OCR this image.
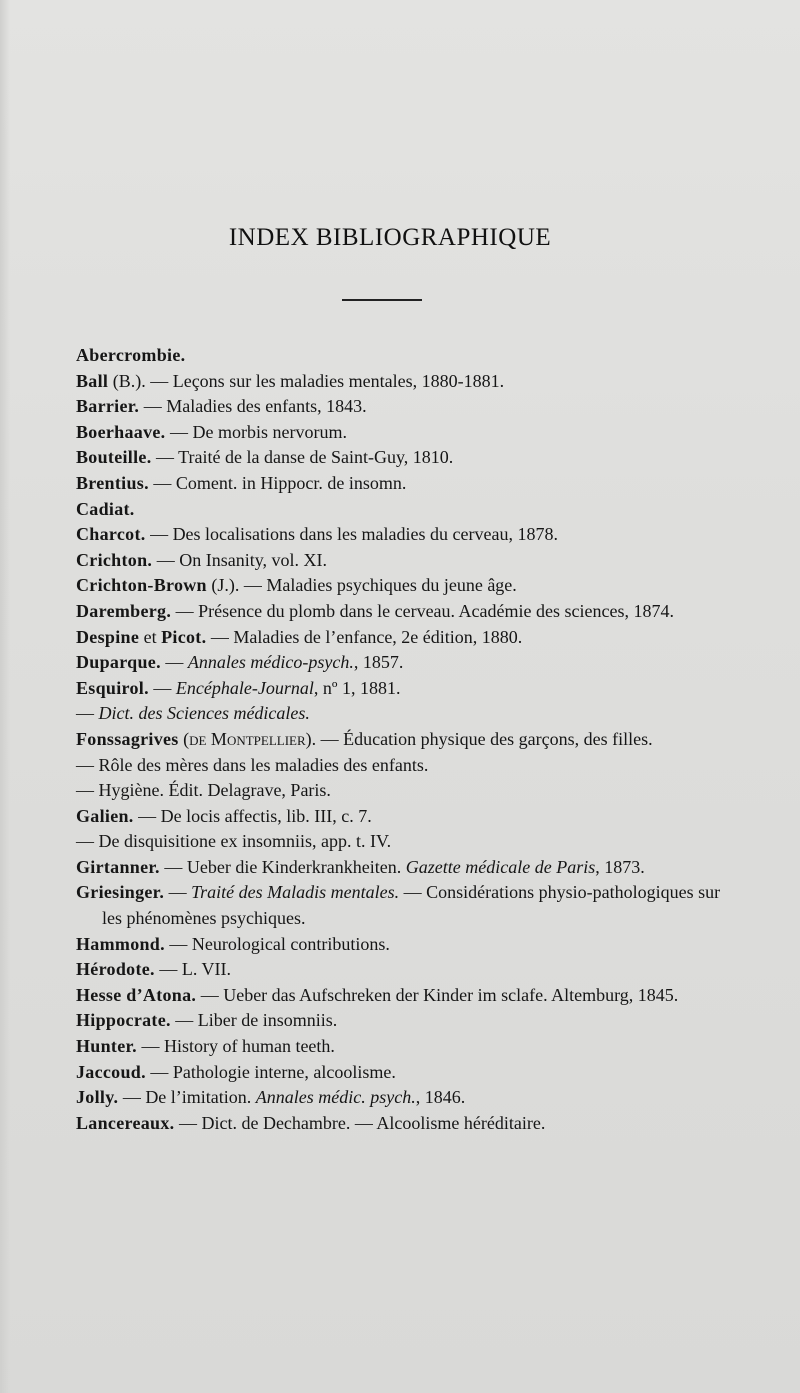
INDEX BIBLIOGRAPHIQUE
Abercrombie.
Ball (B.). — Leçons sur les maladies mentales, 1880-1881.
Barrier. — Maladies des enfants, 1843.
Boerhaave. — De morbis nervorum.
Bouteille. — Traité de la danse de Saint-Guy, 1810.
Brentius. — Coment. in Hippocr. de insomn.
Cadiat.
Charcot. — Des localisations dans les maladies du cerveau, 1878.
Crichton. — On Insanity, vol. XI.
Crichton-Brown (J.). — Maladies psychiques du jeune âge.
Daremberg. — Présence du plomb dans le cerveau. Académie des sciences, 1874.
Despine et Picot. — Maladies de l’enfance, 2e édition, 1880.
Duparque. — Annales médico-psych., 1857.
Esquirol. — Encéphale-Journal, nº 1, 1881.
— Dict. des Sciences médicales.
Fonssagrives (de Montpellier). — Éducation physique des garçons, des filles.
— Rôle des mères dans les maladies des enfants.
— Hygiène. Édit. Delagrave, Paris.
Galien. — De locis affectis, lib. III, c. 7.
— De disquisitione ex insomniis, app. t. IV.
Girtanner. — Ueber die Kinderkrankheiten. Gazette médicale de Paris, 1873.
Griesinger. — Traité des Maladis mentales. — Considérations physio-pathologiques sur les phénomènes psychiques.
Hammond. — Neurological contributions.
Hérodote. — L. VII.
Hesse d’Atona. — Ueber das Aufschreken der Kinder im sclafe. Altemburg, 1845.
Hippocrate. — Liber de insomniis.
Hunter. — History of human teeth.
Jaccoud. — Pathologie interne, alcoolisme.
Jolly. — De l’imitation. Annales médic. psych., 1846.
Lancereaux. — Dict. de Dechambre. — Alcoolisme héréditaire.
